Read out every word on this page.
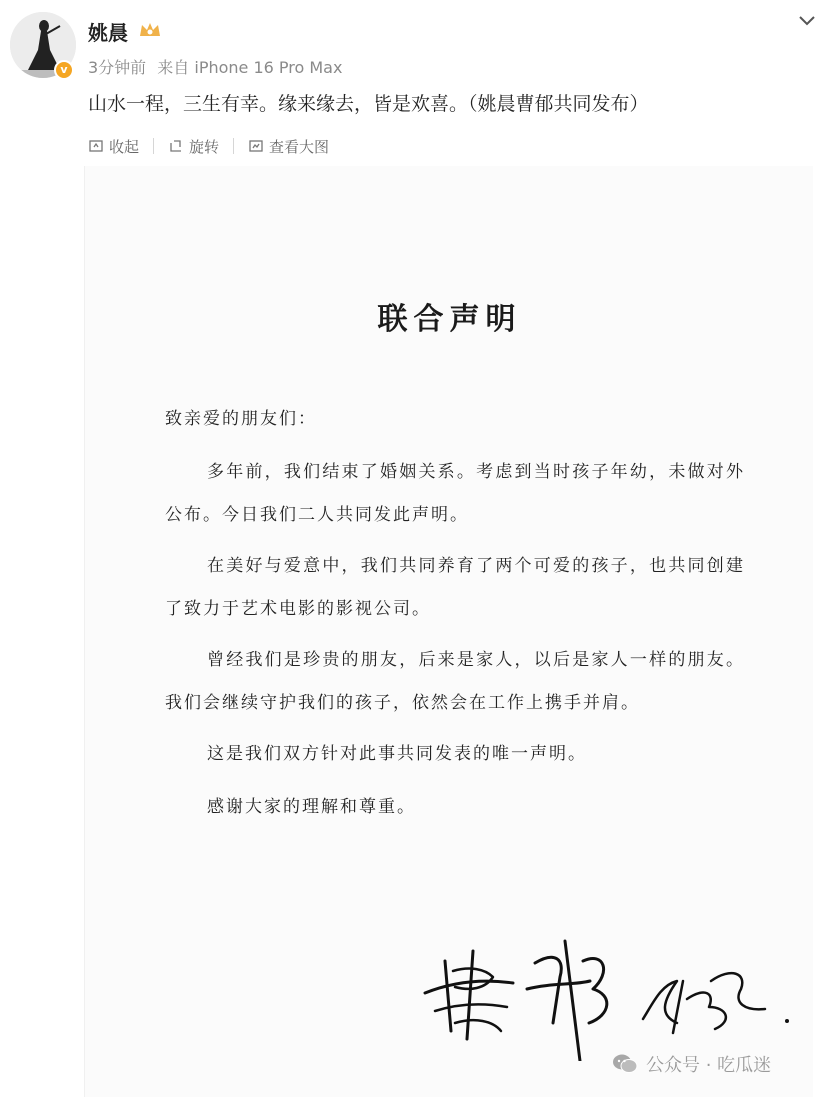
v
姚晨
3分钟前 来自 iPhone 16 Pro Max
山水一程，三生有幸。缘来缘去，皆是欢喜。（姚晨曹郁共同发布）
收起	旋转	查看大图
联合声明
致亲爱的朋友们：
多年前，我们结束了婚姻关系。考虑到当时孩子年幼，未做对外公布。今日我们二人共同发此声明。
在美好与爱意中，我们共同养育了两个可爱的孩子，也共同创建了致力于艺术电影的影视公司。
曾经我们是珍贵的朋友，后来是家人，以后是家人一样的朋友。我们会继续守护我们的孩子，依然会在工作上携手并肩。
这是我们双方针对此事共同发表的唯一声明。
感谢大家的理解和尊重。
公众号 · 吃瓜迷
